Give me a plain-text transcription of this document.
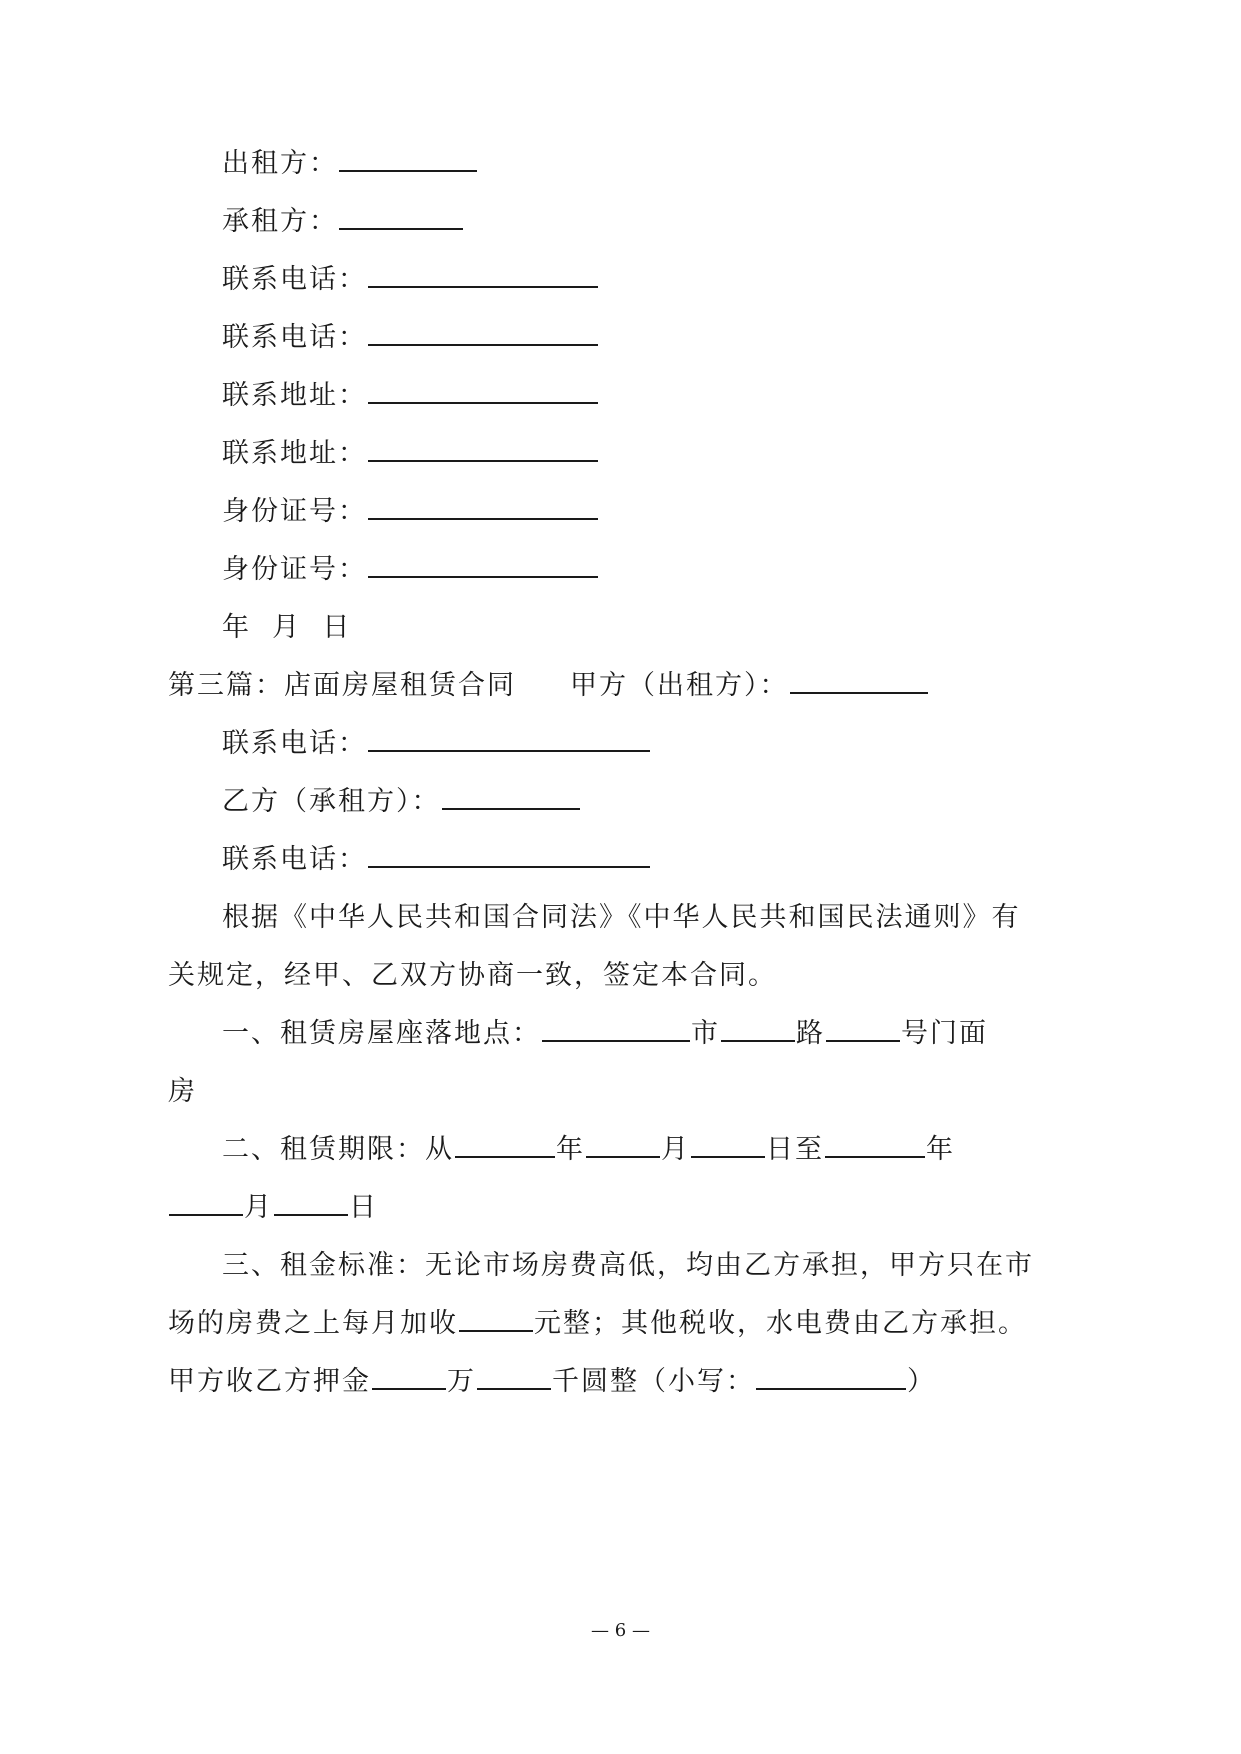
出租方：
承租方：
联系电话：
联系电话：
联系地址：
联系地址：
身份证号：
身份证号：
年  月  日
第三篇：店面房屋租赁合同 甲方（出租方）：
联系电话：
乙方（承租方）：
联系电话：
根据《中华人民共和国合同法》《中华人民共和国民法通则》有
关规定，经甲、乙双方协商一致，签定本合同。
一、租赁房屋座落地点：	市	路	号门面
房
二、租赁期限：从	年	月	日至	年
月	日
三、租金标准：无论市场房费高低，均由乙方承担，甲方只在市
场的房费之上每月加收	元整；其他税收，水电费由乙方承担。
甲方收乙方押金	万	千圆整（小写：	）
— 6 —
